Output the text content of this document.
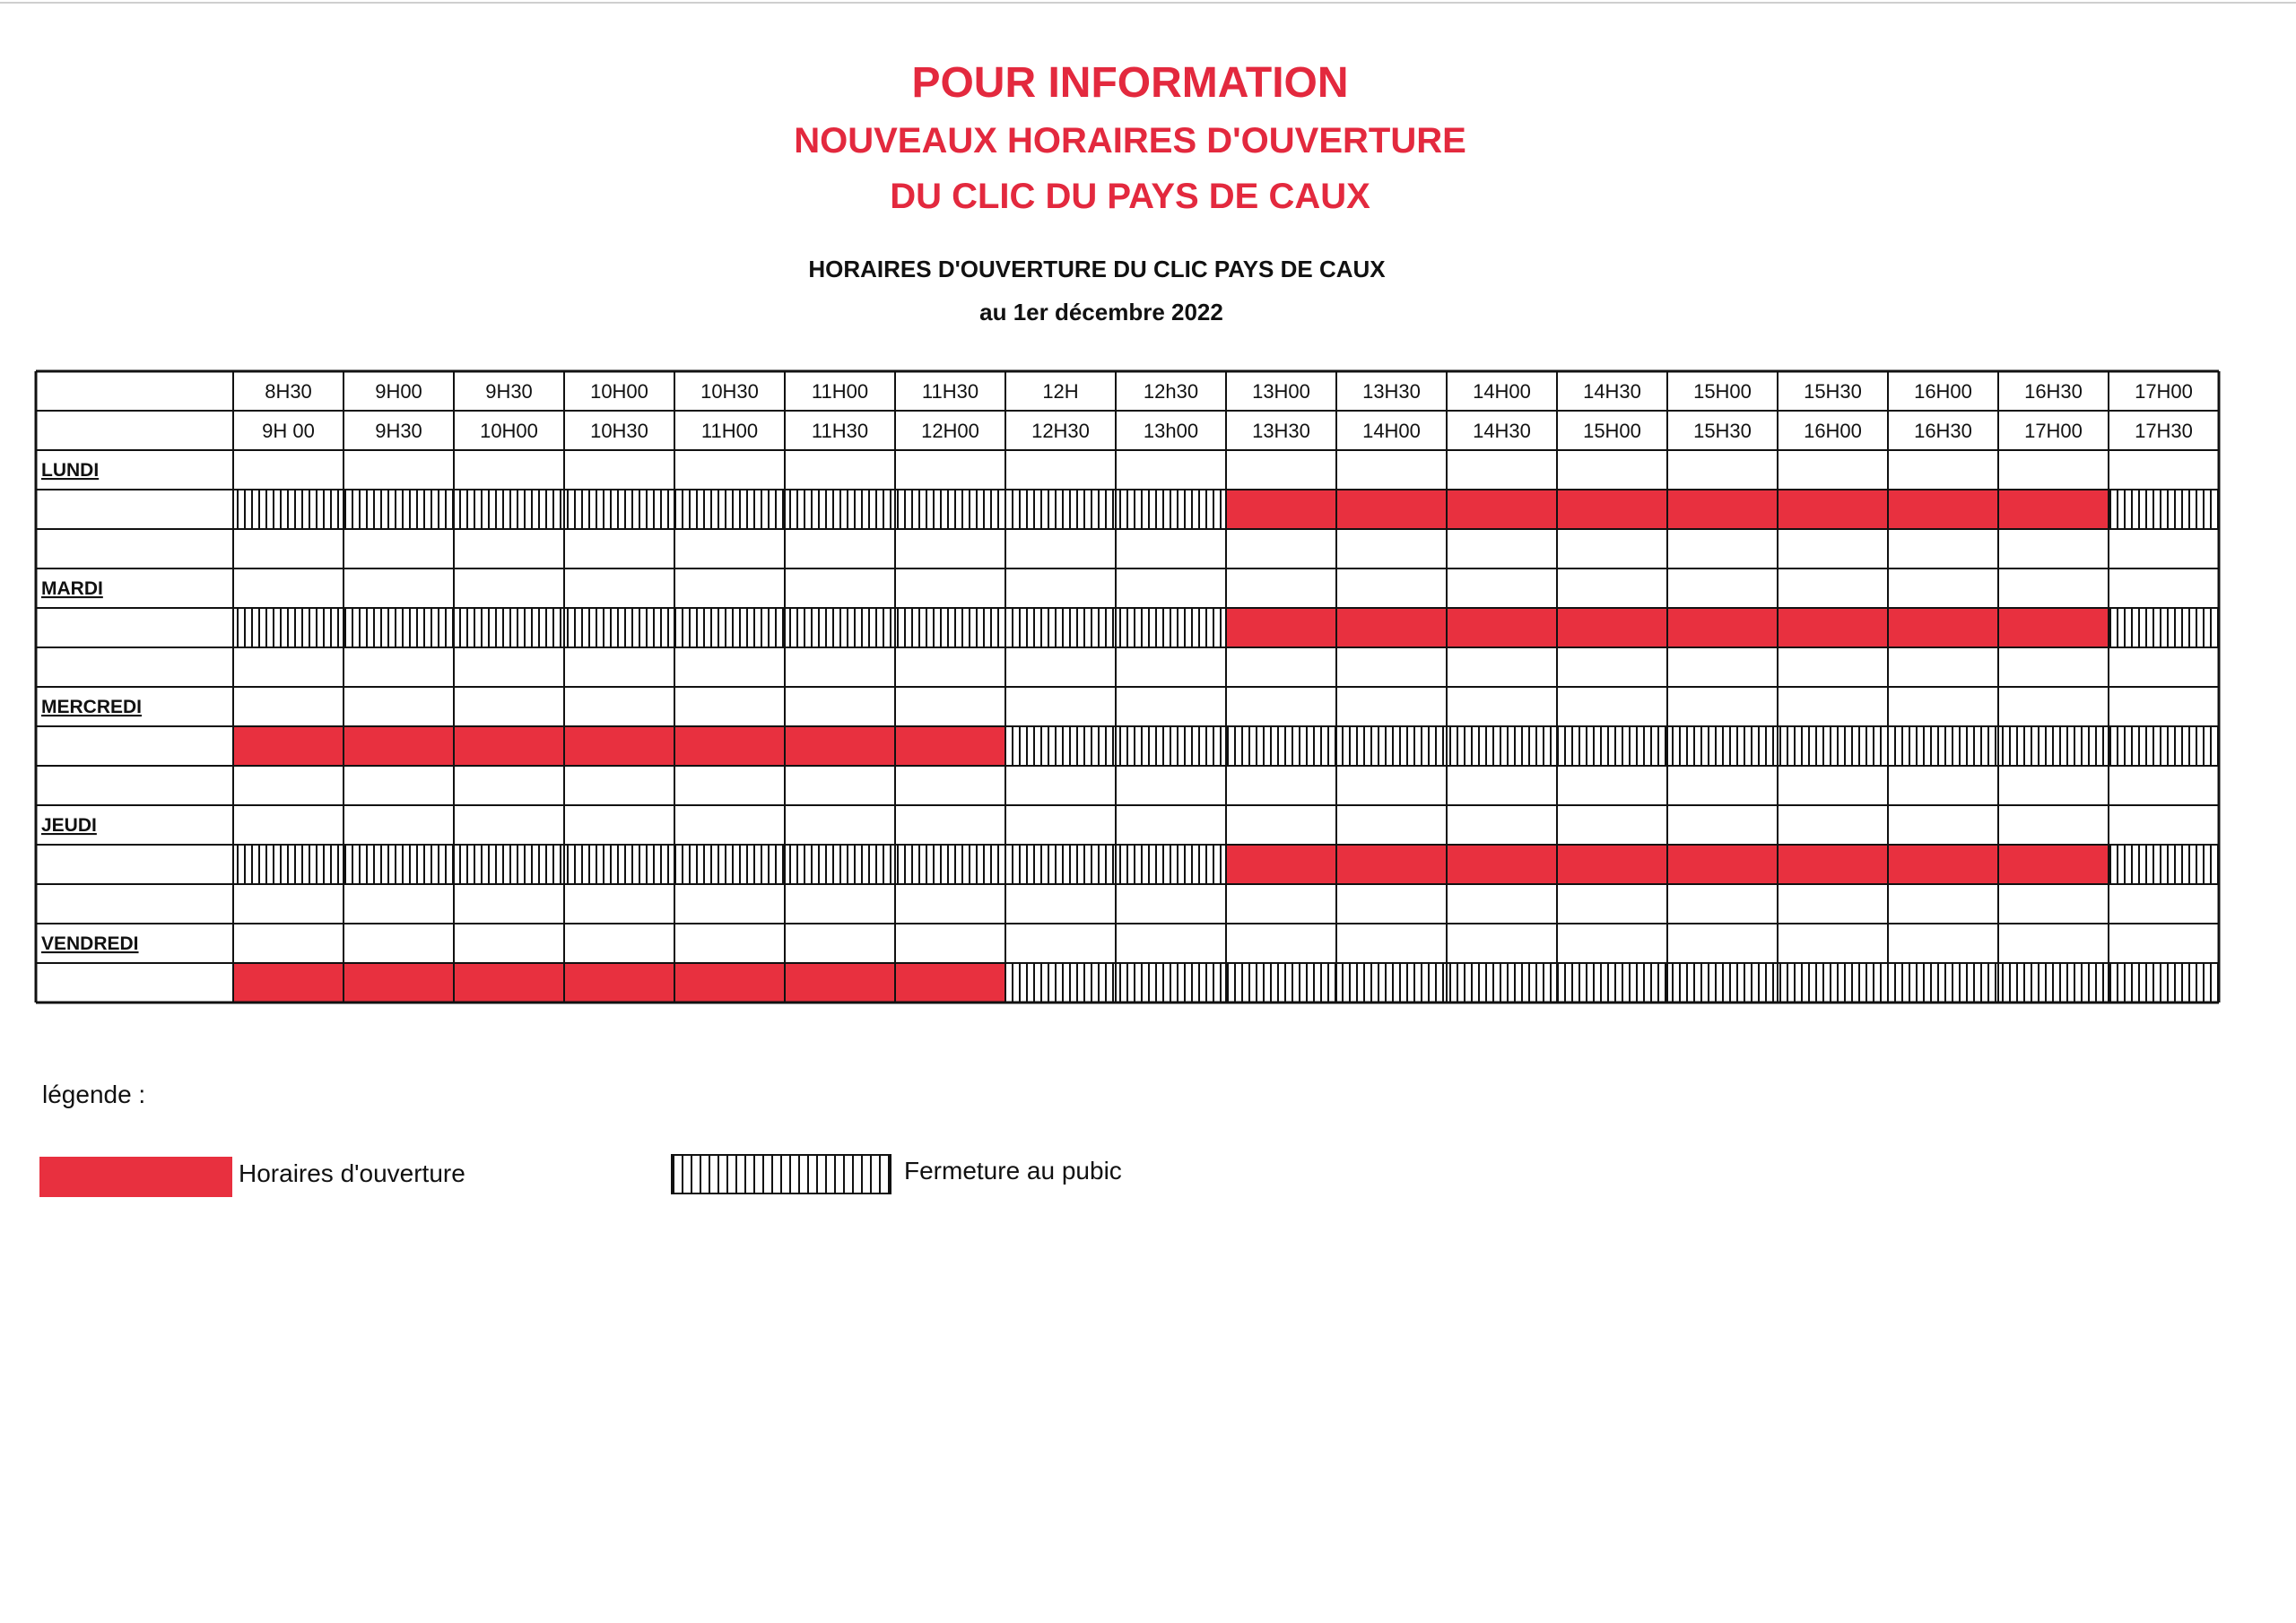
POUR INFORMATION
NOUVEAUX HORAIRES D'OUVERTURE
DU CLIC DU PAYS DE CAUX
HORAIRES D'OUVERTURE DU CLIC PAYS DE CAUX
au 1er décembre 2022
8H30
9H 00
9H00
9H30
9H30
10H00
10H00
10H30
10H30
11H00
11H00
11H30
11H30
12H00
12H
12H30
12h30
13h00
13H00
13H30
13H30
14H00
14H00
14H30
14H30
15H00
15H00
15H30
15H30
16H00
16H00
16H30
16H30
17H00
17H00
17H30
LUNDI
MARDI
MERCREDI
JEUDI
VENDREDI
légende :
Horaires d'ouverture	Fermeture au pubic
